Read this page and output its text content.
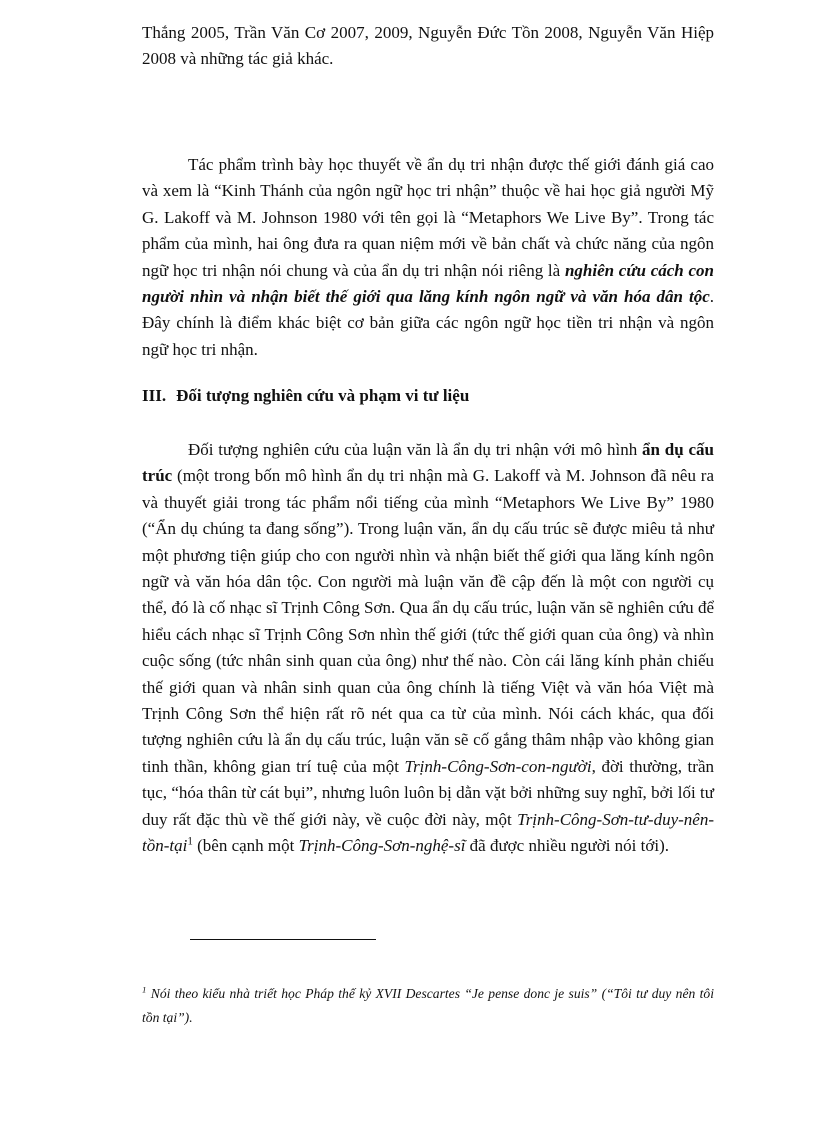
Thắng 2005, Trần Văn Cơ 2007, 2009, Nguyễn Đức Tồn 2008, Nguyễn Văn Hiệp 2008 và những tác giả khác.

Tác phẩm trình bày học thuyết về ẩn dụ tri nhận được thế giới đánh giá cao và xem là “Kinh Thánh của ngôn ngữ học tri nhận” thuộc về hai học giả người Mỹ G. Lakoff và M. Johnson 1980 với tên gọi là “Metaphors We Live By”. Trong tác phẩm của mình, hai ông đưa ra quan niệm mới về bản chất và chức năng của ngôn ngữ học tri nhận nói chung và của ẩn dụ tri nhận nói riêng là nghiên cứu cách con người nhìn và nhận biết thế giới qua lăng kính ngôn ngữ và văn hóa dân tộc. Đây chính là điểm khác biệt cơ bản giữa các ngôn ngữ học tiền tri nhận và ngôn ngữ học tri nhận.

III. Đối tượng nghiên cứu và phạm vi tư liệu

Đối tượng nghiên cứu của luận văn là ẩn dụ tri nhận với mô hình ẩn dụ cấu trúc (một trong bốn mô hình ẩn dụ tri nhận mà G. Lakoff và M. Johnson đã nêu ra và thuyết giải trong tác phẩm nổi tiếng của mình “Metaphors We Live By” 1980 (“Ẩn dụ chúng ta đang sống”). Trong luận văn, ẩn dụ cấu trúc sẽ được miêu tả như một phương tiện giúp cho con người nhìn và nhận biết thế giới qua lăng kính ngôn ngữ và văn hóa dân tộc. Con người mà luận văn đề cập đến là một con người cụ thể, đó là cố nhạc sĩ Trịnh Công Sơn. Qua ẩn dụ cấu trúc, luận văn sẽ nghiên cứu để hiểu cách nhạc sĩ Trịnh Công Sơn nhìn thế giới (tức thế giới quan của ông) và nhìn cuộc sống (tức nhân sinh quan của ông) như thế nào. Còn cái lăng kính phản chiếu thế giới quan và nhân sinh quan của ông chính là tiếng Việt và văn hóa Việt mà Trịnh Công Sơn thể hiện rất rõ nét qua ca từ của mình. Nói cách khác, qua đối tượng nghiên cứu là ẩn dụ cấu trúc, luận văn sẽ cố gắng thâm nhập vào không gian tinh thần, không gian trí tuệ của một Trịnh-Công-Sơn-con-người, đời thường, trần tục, “hóa thân từ cát bụi”, nhưng luôn luôn bị dằn vặt bởi những suy nghĩ, bởi lối tư duy rất đặc thù về thế giới này, về cuộc đời này, một Trịnh-Công-Sơn-tư-duy-nên-tồn-tại$^1$ (bên cạnh một Trịnh-Công-Sơn-nghệ-sĩ đã được nhiều người nói tới).

$^1$ Nói theo kiểu nhà triết học Pháp thế kỷ XVII Descartes “Je pense donc je suis” (“Tôi tư duy nên tôi tồn tại”).
